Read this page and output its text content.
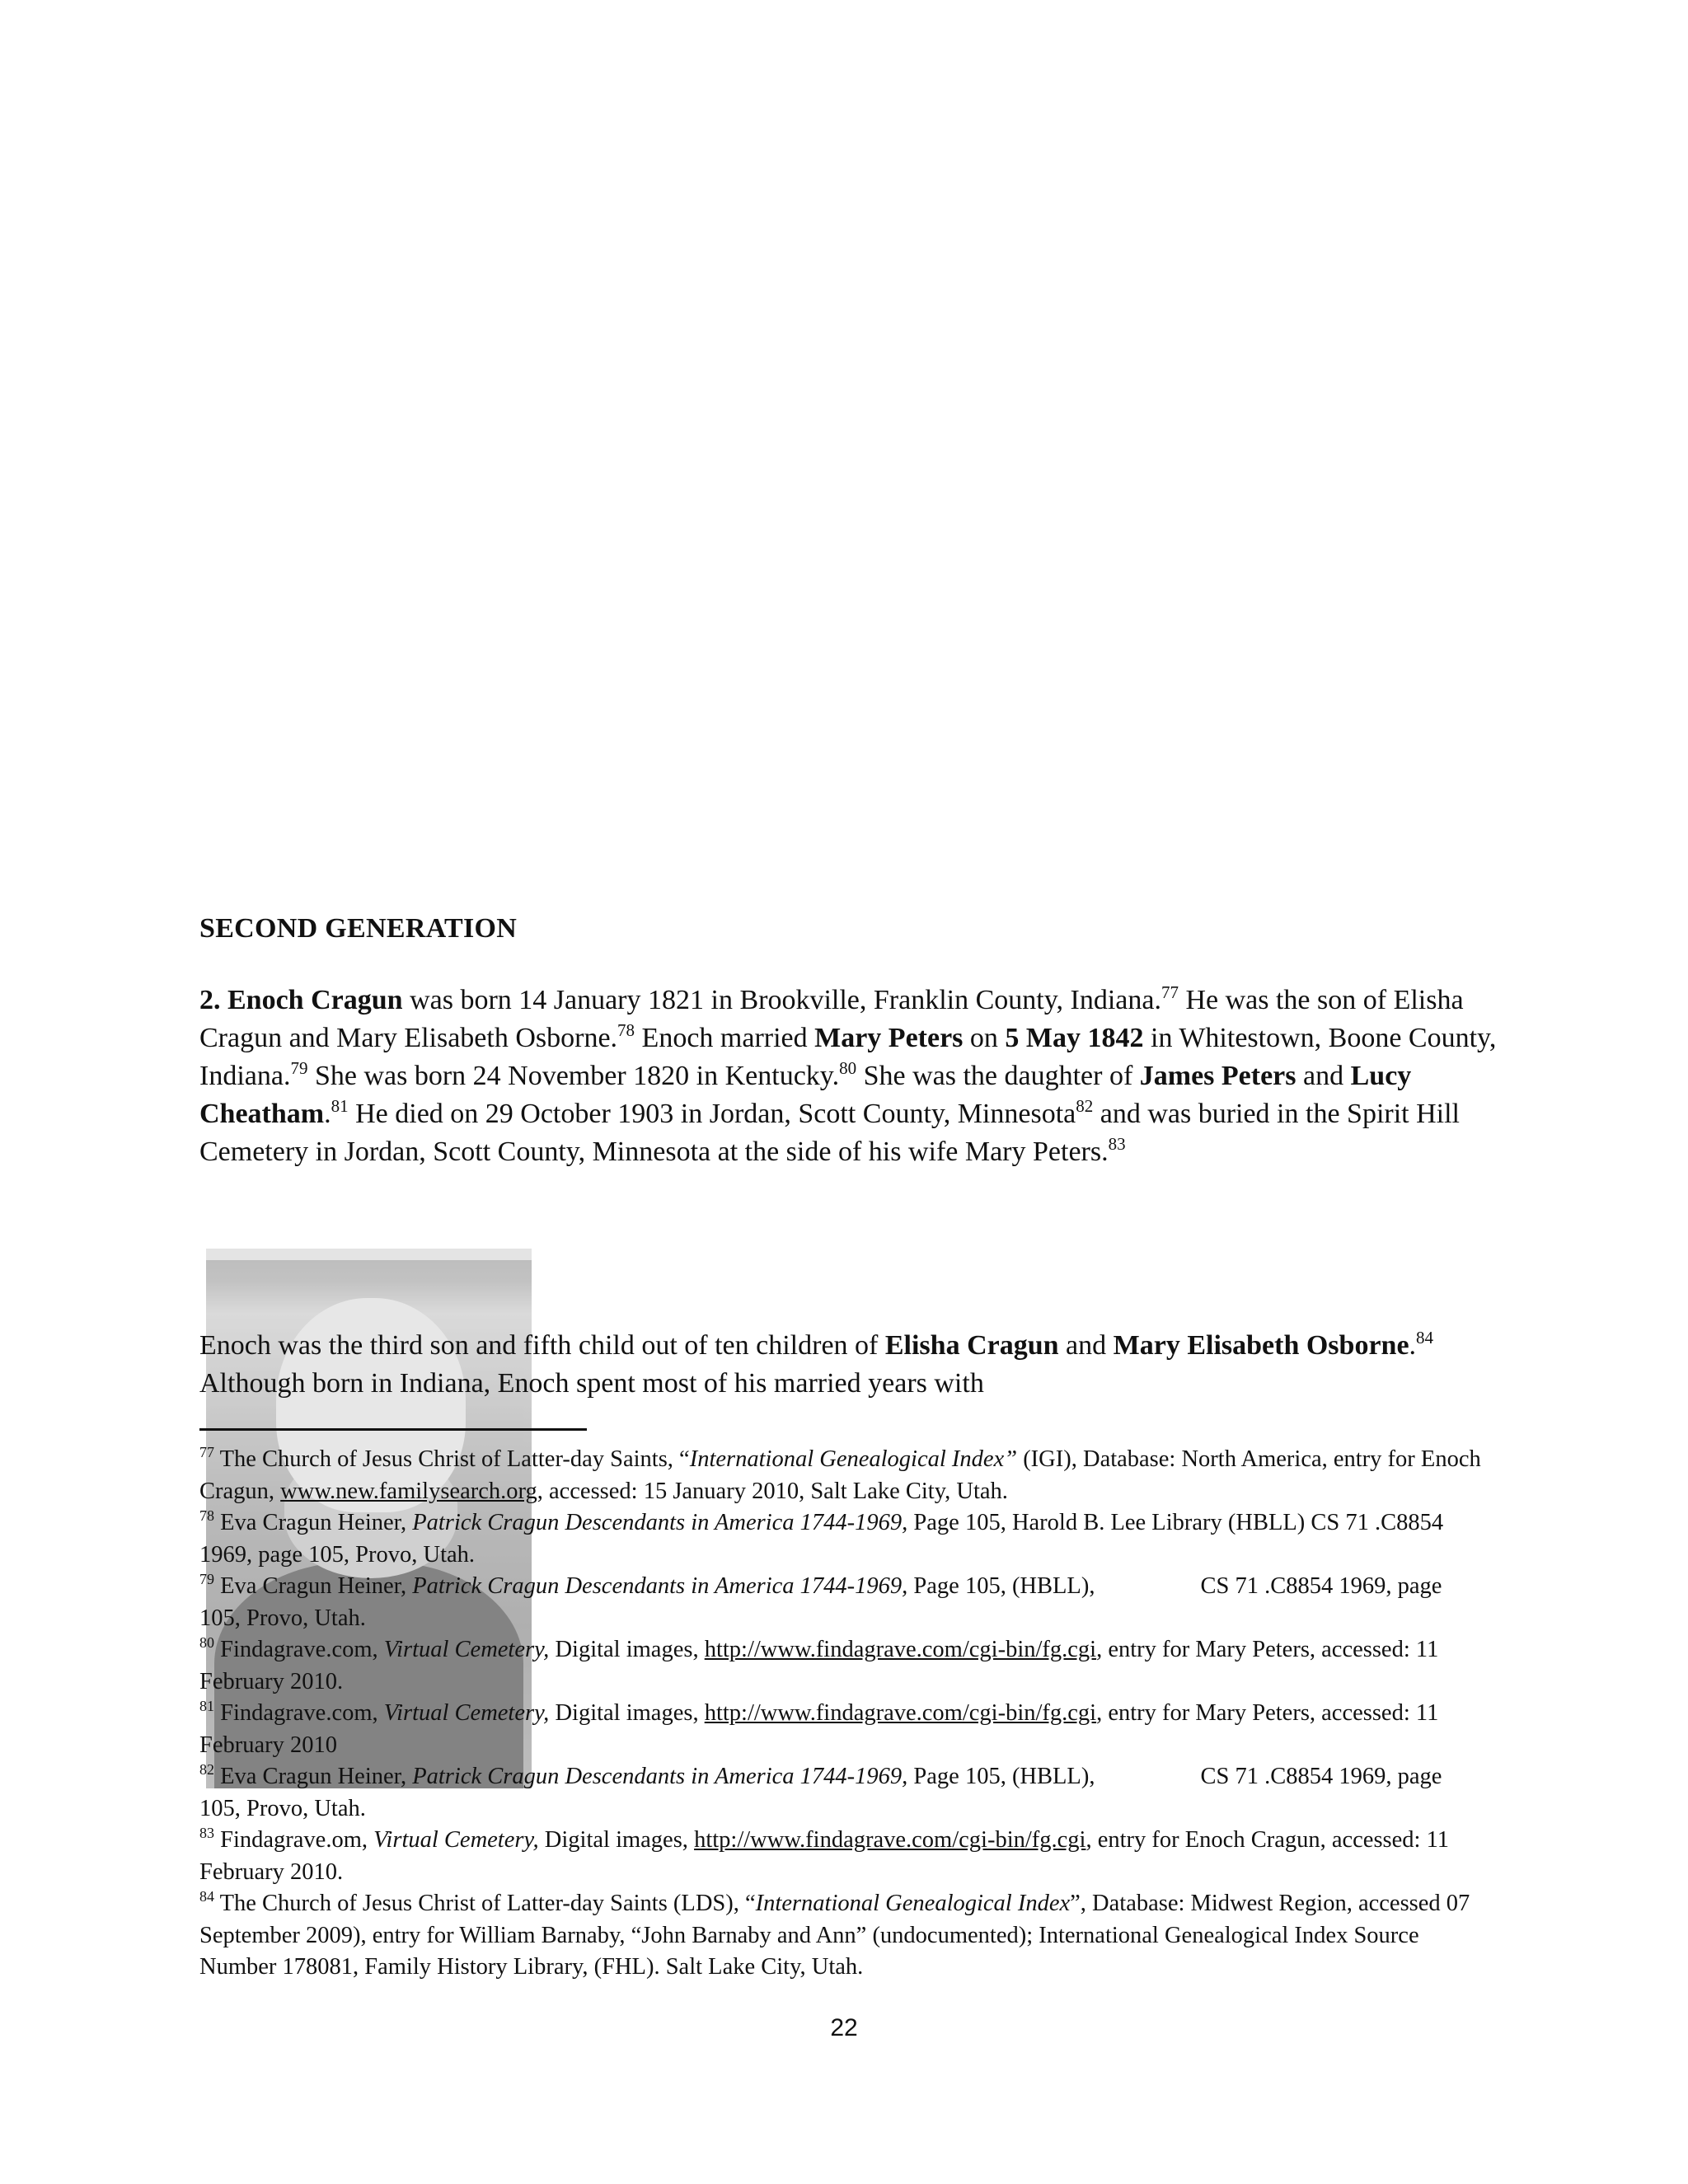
SECOND GENERATION

2. Enoch Cragun was born 14 January 1821 in Brookville, Franklin County, Indiana.$^{77}$ He was the son of Elisha Cragun and Mary Elisabeth Osborne.$^{78}$ Enoch married Mary Peters on 5 May 1842 in Whitestown, Boone County, Indiana.$^{79}$ She was born 24 November 1820 in Kentucky.$^{80}$ She was the daughter of James Peters and Lucy Cheatham.$^{81}$ He died on 29 October 1903 in Jordan, Scott County, Minnesota$^{82}$ and was buried in the Spirit Hill Cemetery in Jordan, Scott County, Minnesota at the side of his wife Mary Peters.$^{83}$

Enoch was the third son and fifth child out of ten children of Elisha Cragun and Mary Elisabeth Osborne.$^{84}$ Although born in Indiana, Enoch spent most of his married years with

$^{77}$ The Church of Jesus Christ of Latter-day Saints, “International Genealogical Index” (IGI), Database: North America, entry for Enoch Cragun, www.new.familysearch.org, accessed: 15 January 2010, Salt Lake City, Utah.

$^{78}$ Eva Cragun Heiner, Patrick Cragun Descendants in America 1744-1969, Page 105, Harold B. Lee Library (HBLL) CS 71 .C8854 1969, page 105, Provo, Utah.

$^{79}$ Eva Cragun Heiner, Patrick Cragun Descendants in America 1744-1969, Page 105, (HBLL),	CS 71 .C8854 1969, page 105, Provo, Utah.

$^{80}$ Findagrave.com, Virtual Cemetery, Digital images, http://www.findagrave.com/cgi-bin/fg.cgi, entry for Mary Peters, accessed: 11 February 2010.

$^{81}$ Findagrave.com, Virtual Cemetery, Digital images, http://www.findagrave.com/cgi-bin/fg.cgi, entry for Mary Peters, accessed: 11 February 2010

$^{82}$ Eva Cragun Heiner, Patrick Cragun Descendants in America 1744-1969, Page 105, (HBLL),	CS 71 .C8854 1969, page 105, Provo, Utah.

$^{83}$ Findagrave.om, Virtual Cemetery, Digital images, http://www.findagrave.com/cgi-bin/fg.cgi, entry for Enoch Cragun, accessed: 11 February 2010.

$^{84}$ The Church of Jesus Christ of Latter-day Saints (LDS), “International Genealogical Index”, Database: Midwest Region, accessed 07 September 2009), entry for William Barnaby, “John Barnaby and Ann” (undocumented); International Genealogical Index Source Number 178081, Family History Library, (FHL). Salt Lake City, Utah.

22
